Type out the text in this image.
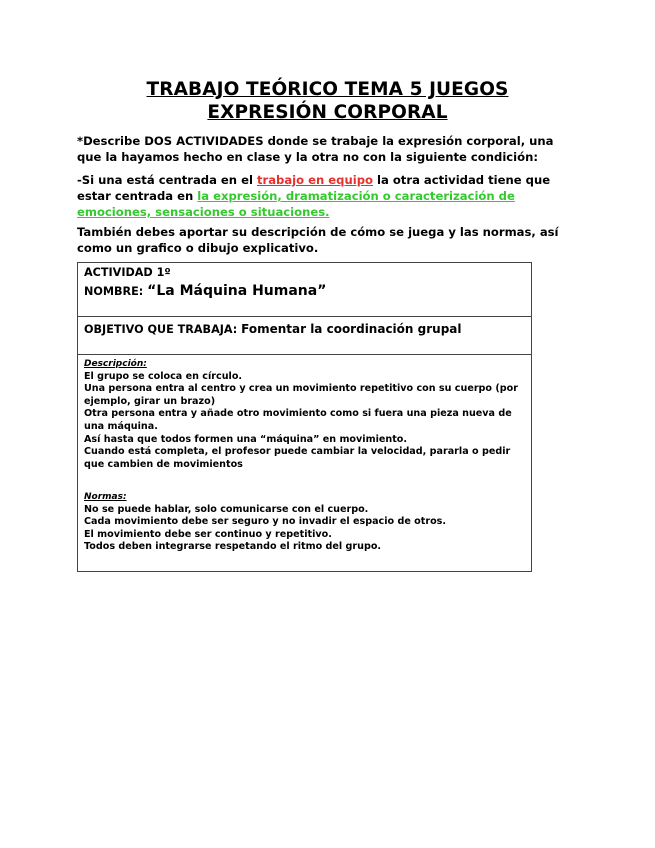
TRABAJO TEÓRICO TEMA 5 JUEGOS
EXPRESIÓN CORPORAL
*Describe DOS ACTIVIDADES donde se trabaje la expresión corporal, una que la hayamos hecho en clase y la otra no con la siguiente condición:
-Si una está centrada en el trabajo en equipo la otra actividad tiene que estar centrada en la expresión, dramatización o caracterización de emociones, sensaciones o situaciones.
También debes aportar su descripción de cómo se juega y las normas, así como un grafico o dibujo explicativo.
ACTIVIDAD 1º
NOMBRE: “La Máquina Humana”
OBJETIVO QUE TRABAJA: Fomentar la coordinación grupal
Descripción:
El grupo se coloca en círculo.
Una persona entra al centro y crea un movimiento repetitivo con su cuerpo (por ejemplo, girar un brazo)
Otra persona entra y añade otro movimiento como si fuera una pieza nueva de una máquina.
Así hasta que todos formen una “máquina” en movimiento.
Cuando está completa, el profesor puede cambiar la velocidad, pararla o pedir que cambien de movimientos
Normas:
No se puede hablar, solo comunicarse con el cuerpo.
Cada movimiento debe ser seguro y no invadir el espacio de otros.
El movimiento debe ser continuo y repetitivo.
Todos deben integrarse respetando el ritmo del grupo.
